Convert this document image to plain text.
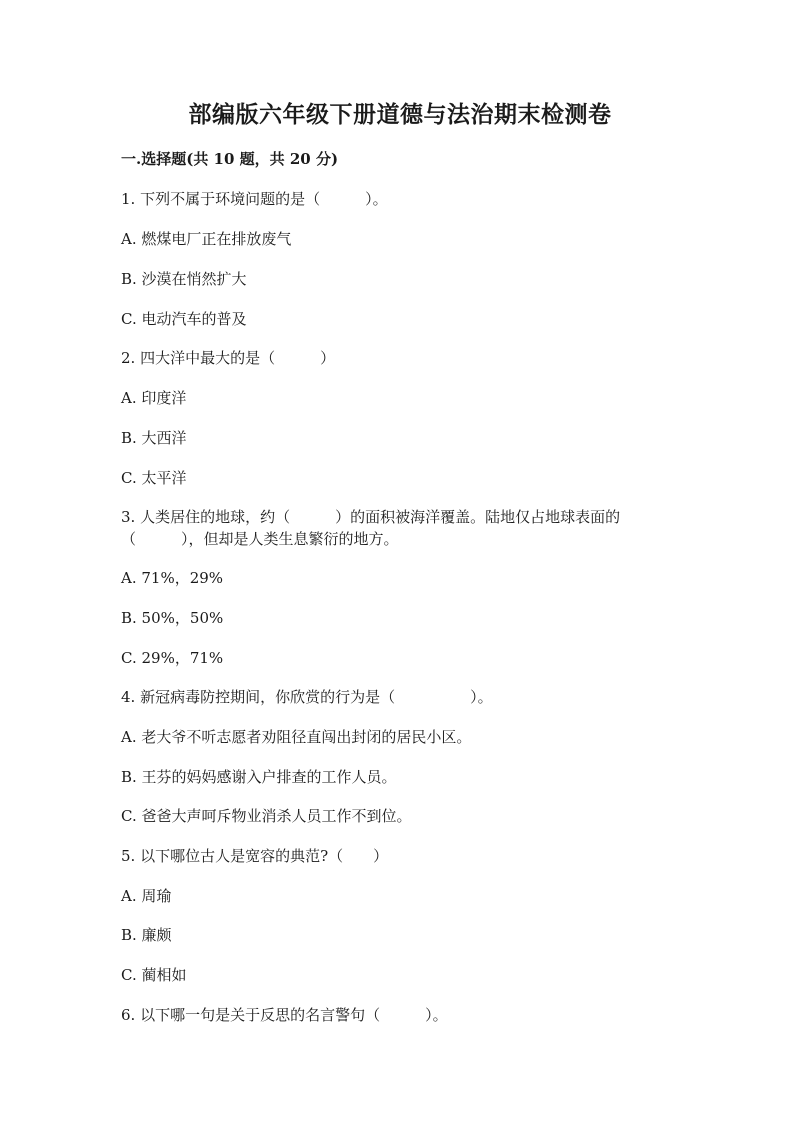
部编版六年级下册道德与法治期末检测卷
一.选择题(共 10 题，共 20 分)
1. 下列不属于环境问题的是（　　　）。
A. 燃煤电厂正在排放废气
B. 沙漠在悄然扩大
C. 电动汽车的普及
2. 四大洋中最大的是（　　　）
A. 印度洋
B. 大西洋
C. 太平洋
3. 人类居住的地球，约（　　　）的面积被海洋覆盖。陆地仅占地球表面的
（　　　），但却是人类生息繁衍的地方。
A. 71%，29%
B. 50%，50%
C. 29%，71%
4. 新冠病毒防控期间，你欣赏的行为是（　　　　　）。
A. 老大爷不听志愿者劝阻径直闯出封闭的居民小区。
B. 王芬的妈妈感谢入户排查的工作人员。
C. 爸爸大声呵斥物业消杀人员工作不到位。
5. 以下哪位古人是宽容的典范?（　　）
A. 周瑜
B. 廉颇
C. 蔺相如
6. 以下哪一句是关于反思的名言警句（　　　）。
